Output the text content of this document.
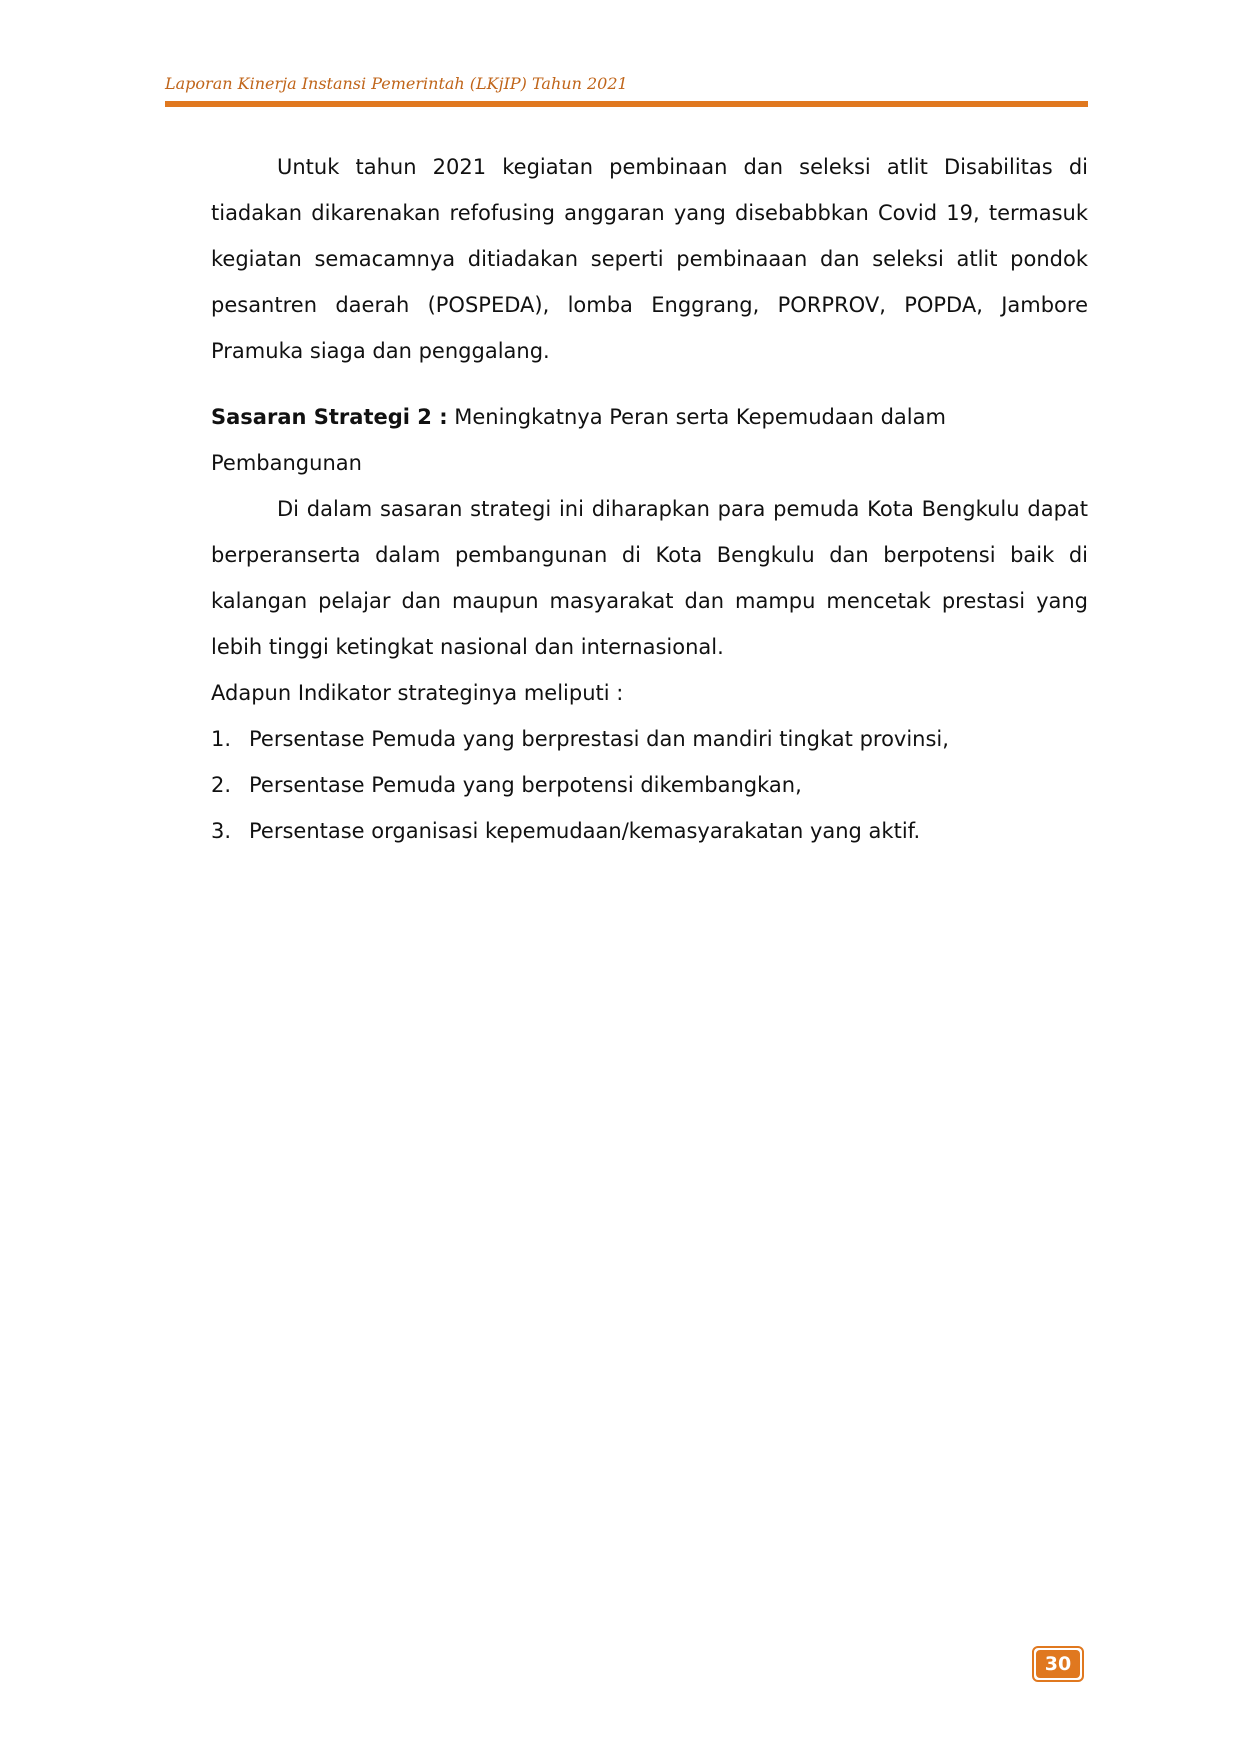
Laporan Kinerja Instansi Pemerintah (LKjIP) Tahun 2021

Untuk tahun 2021 kegiatan pembinaan dan seleksi atlit Disabilitas di tiadakan dikarenakan refofusing anggaran yang disebabbkan Covid 19, termasuk kegiatan semacamnya ditiadakan seperti pembinaaan dan seleksi atlit pondok pesantren daerah (POSPEDA), lomba Enggrang, PORPROV, POPDA, Jambore Pramuka siaga dan penggalang.

Sasaran Strategi 2 : Meningkatnya Peran serta Kepemudaan dalam Pembangunan

Di dalam sasaran strategi ini diharapkan para pemuda Kota Bengkulu dapat berperanserta dalam pembangunan di Kota Bengkulu dan berpotensi baik di kalangan pelajar dan maupun masyarakat dan mampu mencetak prestasi yang lebih tinggi ketingkat nasional dan internasional.

Adapun Indikator strateginya meliputi :

1. Persentase Pemuda yang berprestasi dan mandiri tingkat provinsi,
2. Persentase Pemuda yang berpotensi dikembangkan,
3. Persentase organisasi kepemudaan/kemasyarakatan yang aktif.
30
